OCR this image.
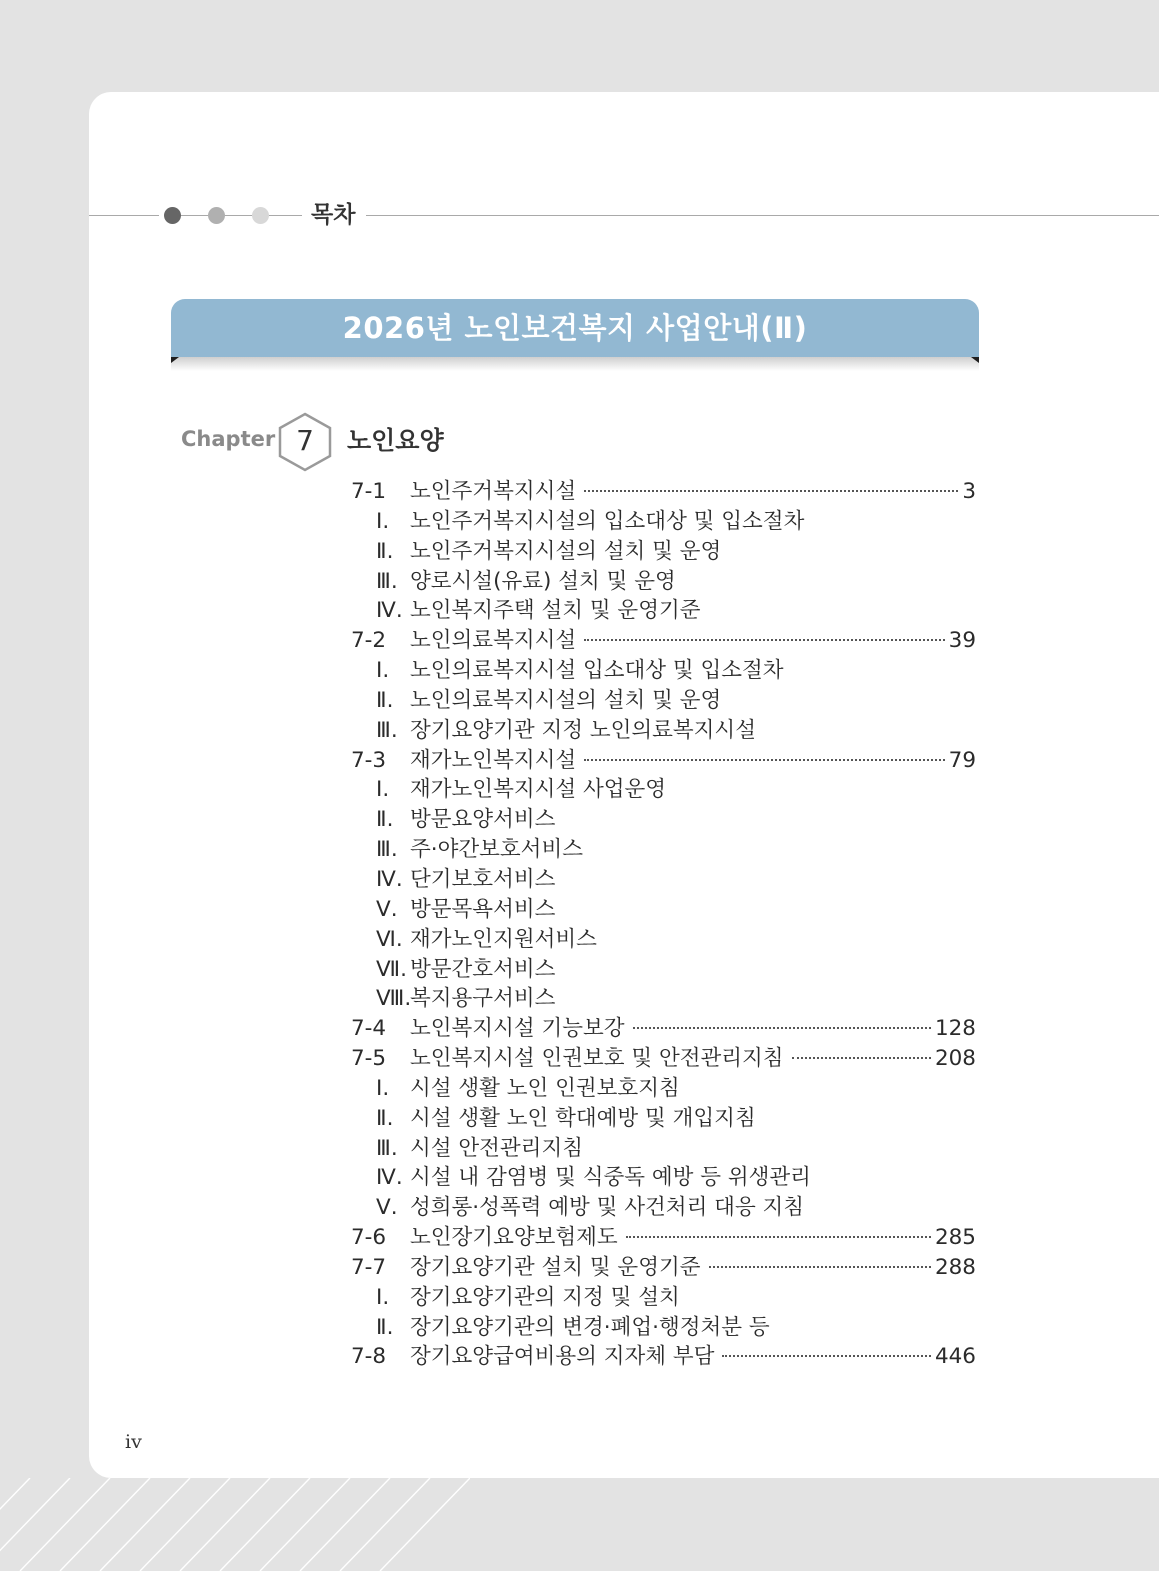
목차
2026년 노인보건복지 사업안내(Ⅱ)
Chapter 7	노인요양
7-1	노인주거복지시설	3
Ⅰ. 노인주거복지시설의 입소대상 및 입소절차
Ⅱ. 노인주거복지시설의 설치 및 운영
Ⅲ. 양로시설(유료) 설치 및 운영
Ⅳ. 노인복지주택 설치 및 운영기준
7-2	노인의료복지시설	39
Ⅰ. 노인의료복지시설 입소대상 및 입소절차
Ⅱ. 노인의료복지시설의 설치 및 운영
Ⅲ. 장기요양기관 지정 노인의료복지시설
7-3	재가노인복지시설	79
Ⅰ. 재가노인복지시설 사업운영
Ⅱ. 방문요양서비스
Ⅲ. 주·야간보호서비스
Ⅳ. 단기보호서비스
Ⅴ. 방문목욕서비스
Ⅵ. 재가노인지원서비스
Ⅶ. 방문간호서비스
Ⅷ.복지용구서비스
7-4	노인복지시설 기능보강	128
7-5	노인복지시설 인권보호 및 안전관리지침	208
Ⅰ. 시설 생활 노인 인권보호지침
Ⅱ. 시설 생활 노인 학대예방 및 개입지침
Ⅲ. 시설 안전관리지침
Ⅳ. 시설 내 감염병 및 식중독 예방 등 위생관리
Ⅴ. 성희롱·성폭력 예방 및 사건처리 대응 지침
7-6	노인장기요양보험제도	285
7-7	장기요양기관 설치 및 운영기준	288
Ⅰ. 장기요양기관의 지정 및 설치
Ⅱ. 장기요양기관의 변경·폐업·행정처분 등
7-8	장기요양급여비용의 지자체 부담	446
iv
